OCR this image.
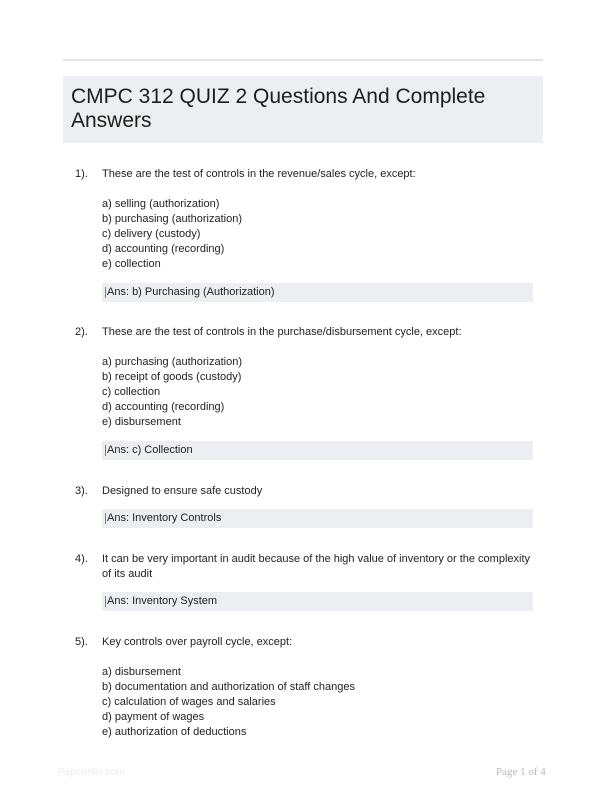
CMPC 312 QUIZ 2 Questions And Complete Answers
1). These are the test of controls in the revenue/sales cycle, except:
a) selling (authorization)
b) purchasing (authorization)
c) delivery (custody)
d) accounting (recording)
e) collection
Ans: b) Purchasing (Authorization)
2). These are the test of controls in the purchase/disbursement cycle, except:
a) purchasing (authorization)
b) receipt of goods (custody)
c) collection
d) accounting (recording)
e) disbursement
Ans: c) Collection
3). Designed to ensure safe custody
Ans: Inventory Controls
4). It can be very important in audit because of the high value of inventory or the complexity of its audit
Ans: Inventory System
5). Key controls over payroll cycle, except:
a) disbursement
b) documentation and authorization of staff changes
c) calculation of wages and salaries
d) payment of wages
e) authorization of deductions
Papertrilio.com	Page 1 of 4
